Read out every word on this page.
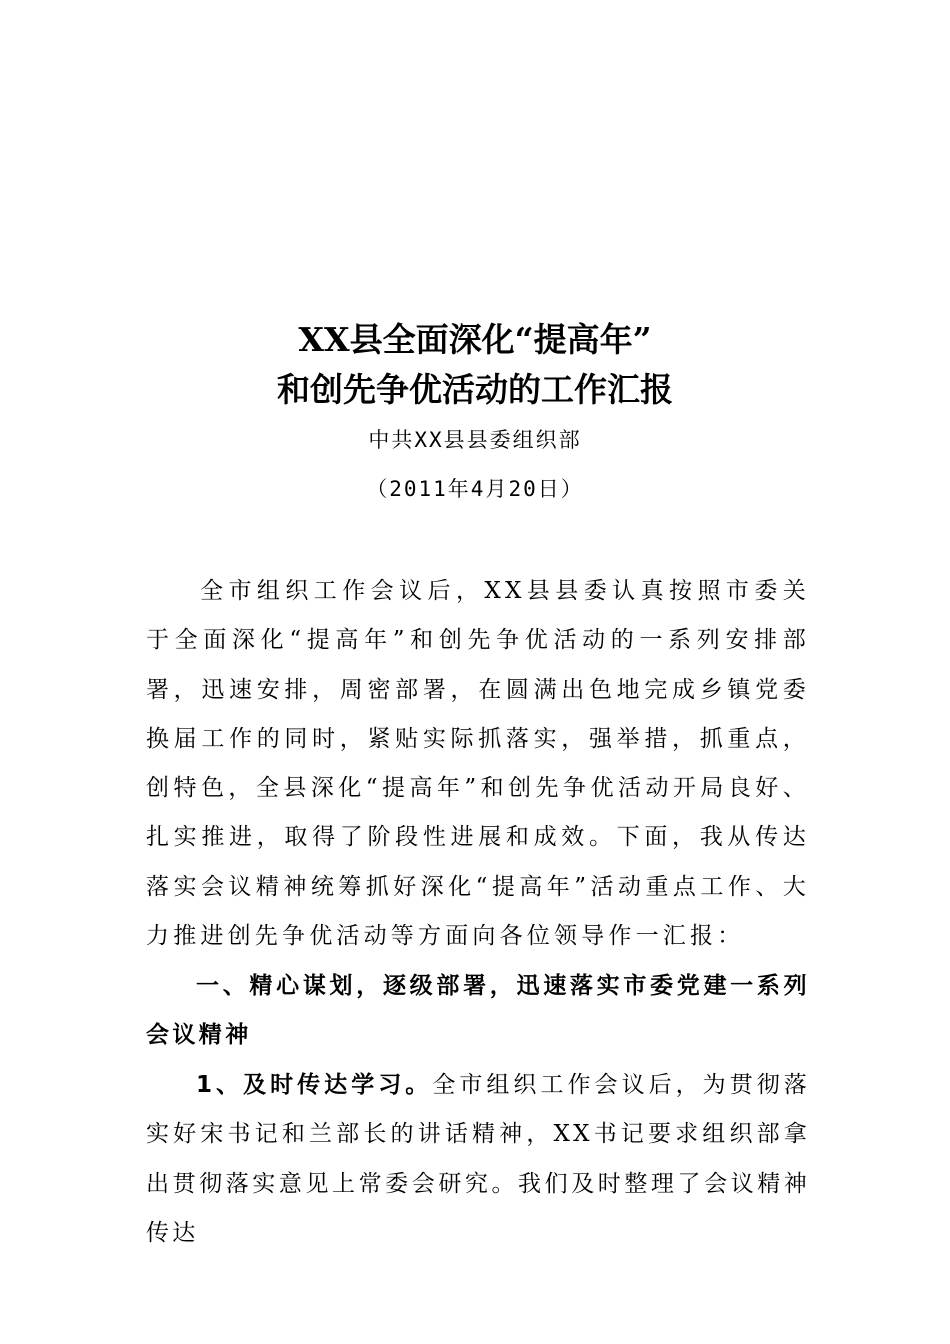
XX县全面深化“提高年”
和创先争优活动的工作汇报
中共XX县县委组织部
（2011年4月20日）

全市组织工作会议后，XX县县委认真按照市委关于全面深化“提高年”和创先争优活动的一系列安排部署，迅速安排，周密部署，在圆满出色地完成乡镇党委换届工作的同时，紧贴实际抓落实，强举措，抓重点，创特色，全县深化“提高年”和创先争优活动开局良好、扎实推进，取得了阶段性进展和成效。下面，我从传达落实会议精神统筹抓好深化“提高年”活动重点工作、大力推进创先争优活动等方面向各位领导作一汇报：

一、精心谋划，逐级部署，迅速落实市委党建一系列会议精神

1、及时传达学习。全市组织工作会议后，为贯彻落实好宋书记和兰部长的讲话精神，XX书记要求组织部拿出贯彻落实意见上常委会研究。我们及时整理了会议精神传达
